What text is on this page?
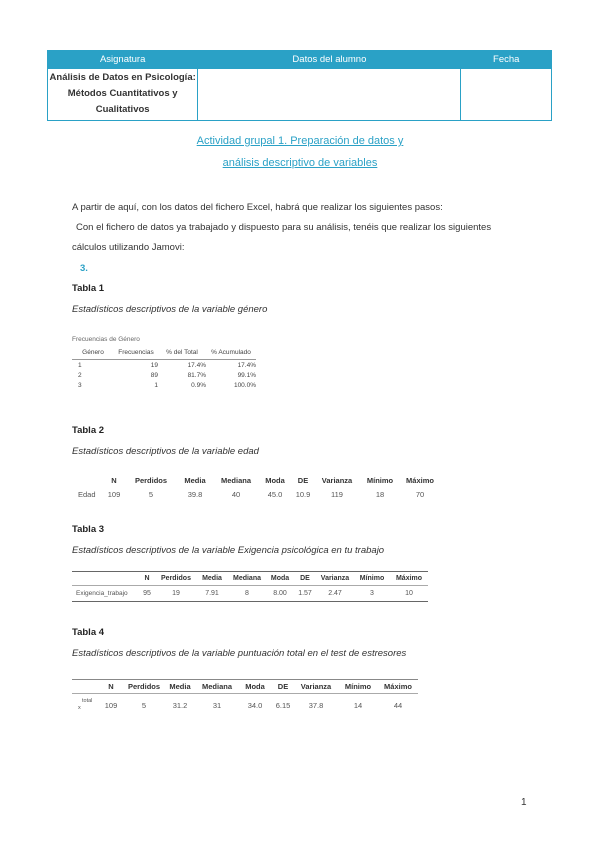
Asignatura	Datos del alumno	Fecha

Análisis de Datos en Psicología:
Métodos Cuantitativos y
Cualitativos		

Actividad grupal 1. Preparación de datos y
análisis descriptivo de variables
A partir de aquí, con los datos del fichero Excel, habrá que realizar los siguientes pasos:
Con el fichero de datos ya trabajado y dispuesto para su análisis, tenéis que realizar los siguientes
cálculos utilizando Jamovi:
3.
Tabla 1
Estadísticos descriptivos de la variable género
Frecuencias de Género
Género	Frecuencias	% del Total	% Acumulado
1	19	17.4%	17.4%
2	89	81.7%	99.1%
3	1	0.9%	100.0%
Tabla 2
Estadísticos descriptivos de la variable edad
	N	Perdidos	Media	Mediana	Moda	DE	Varianza	Mínimo	Máximo
Edad	109	5	39.8	40	45.0	10.9	119	18	70
Tabla 3
Estadísticos descriptivos de la variable Exigencia psicológica en tu trabajo
	N	Perdidos	Media	Mediana	Moda	DE	Varianza	Mínimo	Máximo
Exigencia_trabajo	95	19	7.91	8	8.00	1.57	2.47	3	10
Tabla 4
Estadísticos descriptivos de la variable puntuación total en el test de estresores
	N	Perdidos	Media	Mediana	Moda	DE	Varianza	Mínimo	Máximo

total
x	109	5	31.2	31	34.0	6.15	37.8	14	44
1
